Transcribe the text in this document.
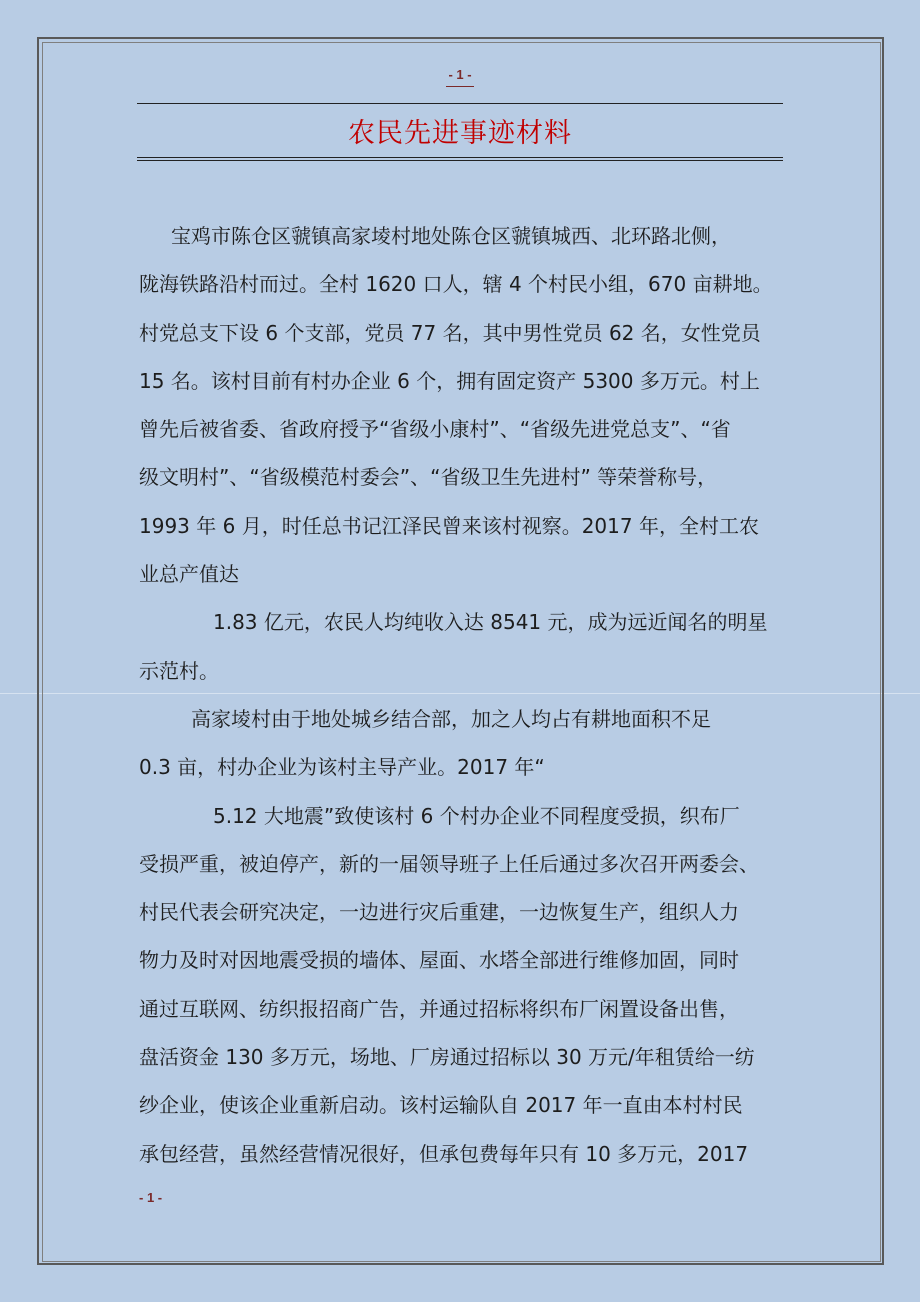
- 1 -
农民先进事迹材料
宝鸡市陈仓区虢镇高家堎村地处陈仓区虢镇城西、北环路北侧，
陇海铁路沿村而过。全村 1620 口人，辖 4 个村民小组，670 亩耕地。
村党总支下设 6 个支部，党员 77 名，其中男性党员 62 名，女性党员
15 名。该村目前有村办企业 6 个，拥有固定资产 5300 多万元。村上
曾先后被省委、省政府授予“省级小康村”、“省级先进党总支”、“省
级文明村”、“省级模范村委会”、“省级卫生先进村” 等荣誉称号，
1993 年 6 月，时任总书记江泽民曾来该村视察。2017 年，全村工农
业总产值达
1.83 亿元，农民人均纯收入达 8541 元，成为远近闻名的明星
示范村。
高家堎村由于地处城乡结合部，加之人均占有耕地面积不足
0.3 亩，村办企业为该村主导产业。2017 年“
5.12 大地震”致使该村 6 个村办企业不同程度受损，织布厂
受损严重，被迫停产，新的一届领导班子上任后通过多次召开两委会、
村民代表会研究决定，一边进行灾后重建，一边恢复生产，组织人力
物力及时对因地震受损的墙体、屋面、水塔全部进行维修加固，同时
通过互联网、纺织报招商广告，并通过招标将织布厂闲置设备出售，
盘活资金 130 多万元，场地、厂房通过招标以 30 万元/年租赁给一纺
纱企业，使该企业重新启动。该村运输队自 2017 年一直由本村村民
承包经营，虽然经营情况很好，但承包费每年只有 10 多万元，2017
- 1 -
